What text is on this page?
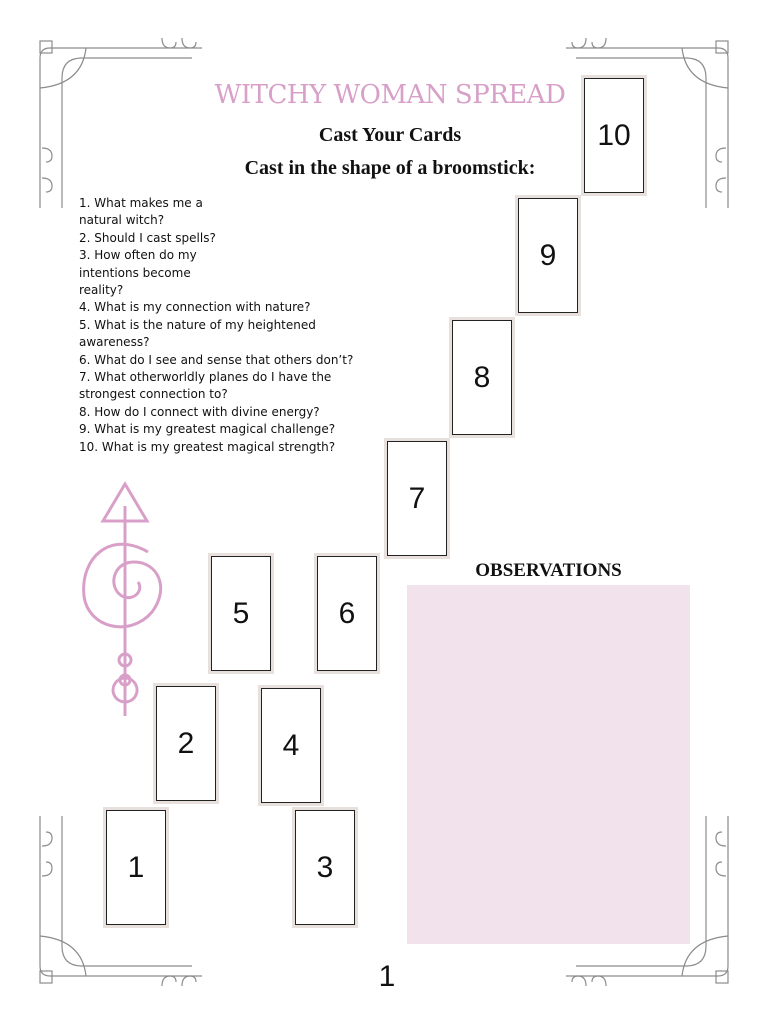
WITCHY WOMAN SPREAD
Cast Your Cards
Cast in the shape of a broomstick:
1. What makes me a
natural witch?
2. Should I cast spells?
3. How often do my
intentions become
reality?
4. What is my connection with nature?
5. What is the nature of my heightened
awareness?
6. What do I see and sense that others don’t?
7. What otherworldly planes do I have the
strongest connection to?
8. How do I connect with divine energy?
9. What is my greatest magical challenge?
10. What is my greatest magical strength?
1
2
3
4
5	6
7
8
9
10
OBSERVATIONS
1
